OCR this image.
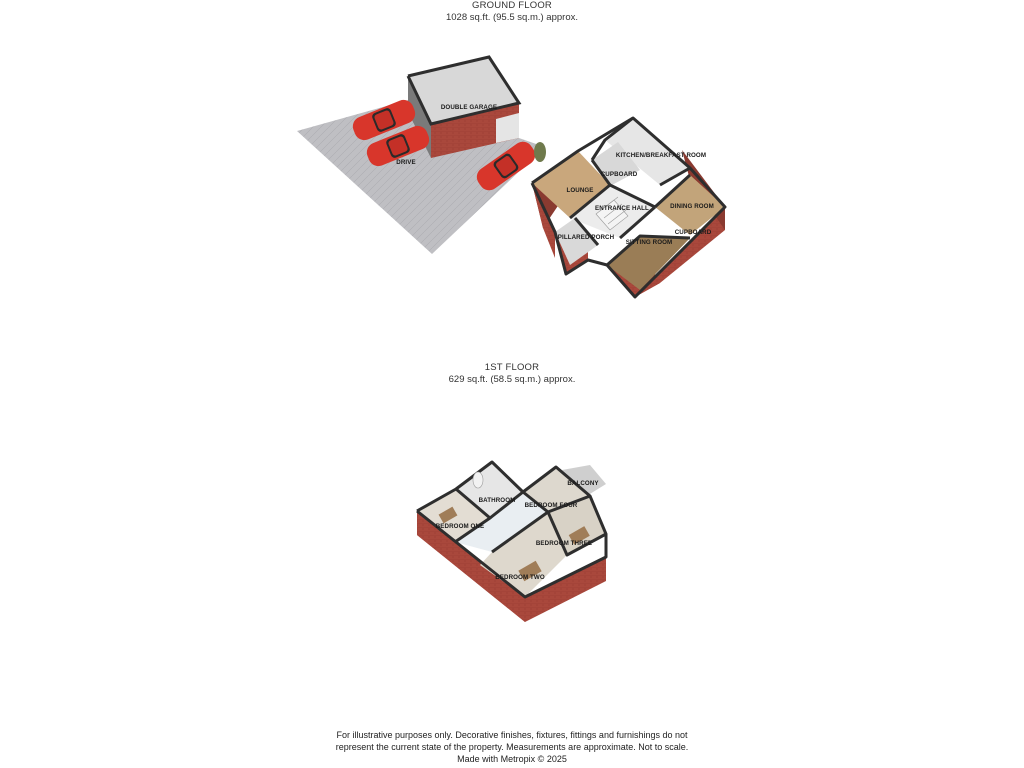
GROUND FLOOR
1028 sq.ft. (95.5 sq.m.) approx.
1ST FLOOR
629 sq.ft. (58.5 sq.m.) approx.
DOUBLE GARAGE
DRIVE
KITCHEN/BREAKFAST ROOM
CUPBOARD
LOUNGE
ENTRANCE HALL	DINING ROOM
PILLARED PORCH
CUPBOARD
SITTING ROOM
BALCONY
BATHROOM
BEDROOM FOUR
BEDROOM ONE
BEDROOM THREE
BEDROOM TWO
For illustrative purposes only. Decorative finishes, fixtures, fittings and furnishings do not
represent the current state of the property. Measurements are approximate. Not to scale.
Made with Metropix © 2025
